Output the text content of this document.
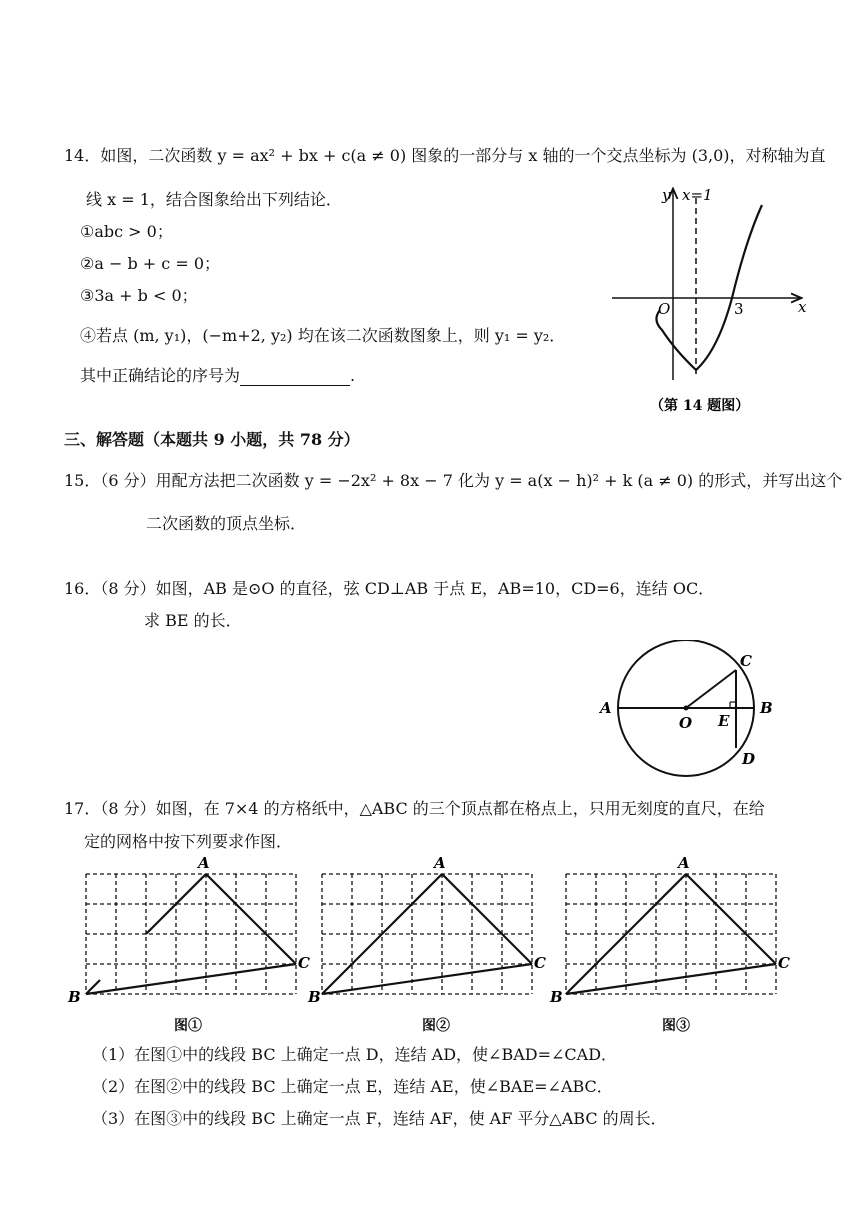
14．如图，二次函数 y = ax² + bx + c(a ≠ 0) 图象的一部分与 x 轴的一个交点坐标为 (3,0)，对称轴为直
线 x = 1，结合图象给出下列结论．
①abc > 0；
②a − b + c = 0；
③3a + b < 0；
④若点 (m, y₁)，(−m+2, y₂) 均在该二次函数图象上，则 y₁ = y₂．
其中正确结论的序号为	.
y x=1
x
O	3
（第 14 题图）
三、解答题（本题共 9 小题，共 78 分）
15．（6 分）用配方法把二次函数 y = −2x² + 8x − 7 化为 y = a(x − h)² + k (a ≠ 0) 的形式，并写出这个
二次函数的顶点坐标．
16．（8 分）如图，AB 是⊙O 的直径，弦 CD⊥AB 于点 E，AB=10，CD=6，连结 OC．
求 BE 的长．
A
O E
B
C
D
17．（8 分）如图，在 7×4 的方格纸中，△ABC 的三个顶点都在格点上，只用无刻度的直尺，在给
定的网格中按下列要求作图．
A
B
C
图①
A
B
C
图②
A
B
C
图③
（1）在图①中的线段 BC 上确定一点 D，连结 AD，使∠BAD=∠CAD．
（2）在图②中的线段 BC 上确定一点 E，连结 AE，使∠BAE=∠ABC．
（3）在图③中的线段 BC 上确定一点 F，连结 AF，使 AF 平分△ABC 的周长．
